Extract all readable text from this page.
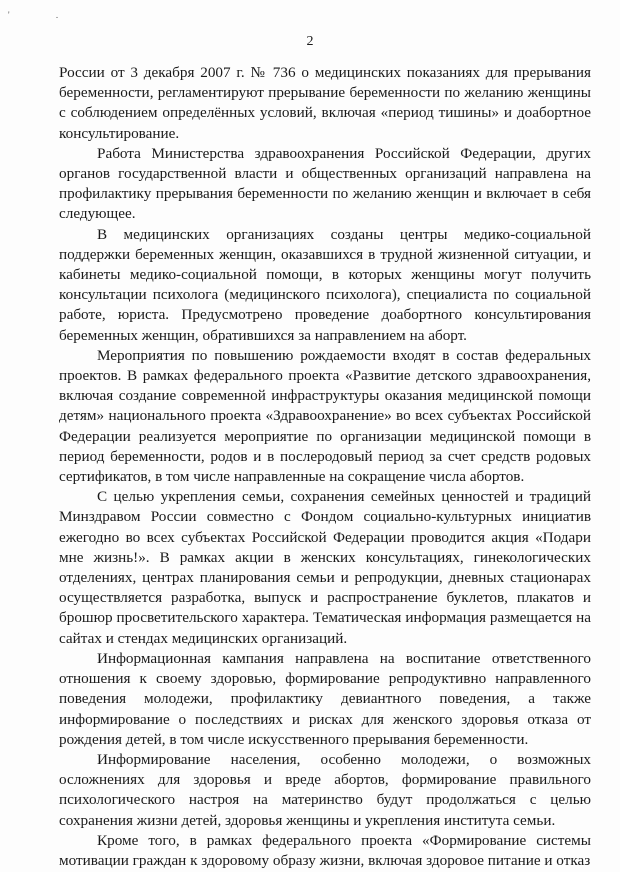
' .
2

России от 3 декабря 2007 г. № 736 о медицинских показаниях для прерывания беременности, регламентируют прерывание беременности по желанию женщины с соблюдением определённых условий, включая «период тишины» и доабортное консультирование.

Работа Министерства здравоохранения Российской Федерации, других органов государственной власти и общественных организаций направлена на профилактику прерывания беременности по желанию женщин и включает в себя следующее.

В медицинских организациях созданы центры медико-социальной поддержки беременных женщин, оказавшихся в трудной жизненной ситуации, и кабинеты медико-социальной помощи, в которых женщины могут получить консультации психолога (медицинского психолога), специалиста по социальной работе, юриста. Предусмотрено проведение доабортного консультирования беременных женщин, обратившихся за направлением на аборт.

Мероприятия по повышению рождаемости входят в состав федеральных проектов. В рамках федерального проекта «Развитие детского здравоохранения, включая создание современной инфраструктуры оказания медицинской помощи детям» национального проекта «Здравоохранение» во всех субъектах Российской Федерации реализуется мероприятие по организации медицинской помощи в период беременности, родов и в послеродовый период за счет средств родовых сертификатов, в том числе направленные на сокращение числа абортов.

С целью укрепления семьи, сохранения семейных ценностей и традиций Минздравом России совместно с Фондом социально-культурных инициатив ежегодно во всех субъектах Российской Федерации проводится акция «Подари мне жизнь!». В рамках акции в женских консультациях, гинекологических отделениях, центрах планирования семьи и репродукции, дневных стационарах осуществляется разработка, выпуск и распространение буклетов, плакатов и брошюр просветительского характера. Тематическая информация размещается на сайтах и стендах медицинских организаций.

Информационная кампания направлена на воспитание ответственного отношения к своему здоровью, формирование репродуктивно направленного поведения молодежи, профилактику девиантного поведения, а также информирование о последствиях и рисках для женского здоровья отказа от рождения детей, в том числе искусственного прерывания беременности.

Информирование населения, особенно молодежи, о возможных осложнениях для здоровья и вреде абортов, формирование правильного психологического настроя на материнство будут продолжаться с целью сохранения жизни детей, здоровья женщины и укрепления института семьи.

Кроме того, в рамках федерального проекта «Формирование системы мотивации граждан к здоровому образу жизни, включая здоровое питание и отказ
